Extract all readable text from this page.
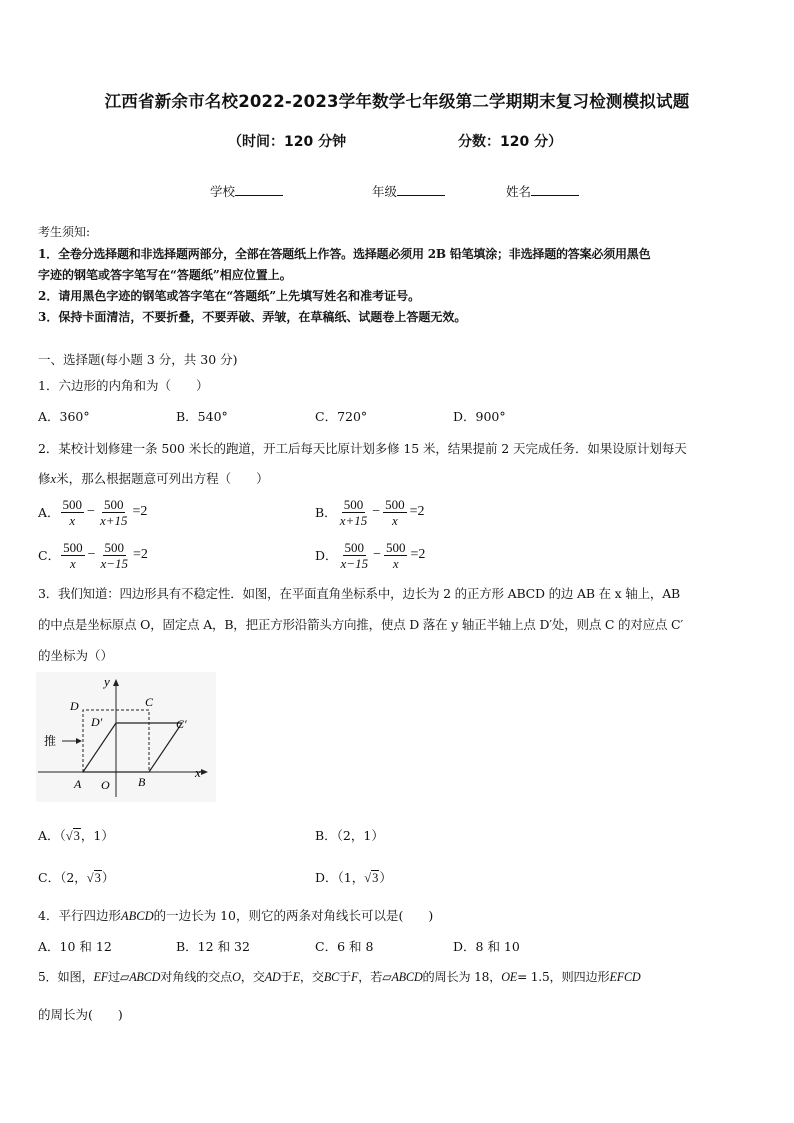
江西省新余市名校2022-2023学年数学七年级第二学期期末复习检测模拟试题
（时间：120 分钟	分数：120 分）
学校	年级	姓名
考生须知:
1．全卷分选择题和非选择题两部分，全部在答题纸上作答。选择题必须用 2B 铅笔填涂；非选择题的答案必须用黑色
字迹的钢笔或答字笔写在“答题纸”相应位置上。
2．请用黑色字迹的钢笔或答字笔在“答题纸”上先填写姓名和准考证号。
3．保持卡面清洁，不要折叠，不要弄破、弄皱，在草稿纸、试题卷上答题无效。
一、选择题(每小题 3 分，共 30 分)
1．六边形的内角和为（　　）
A．360°	B．540°	C．720°	D．900°
2．某校计划修建一条 500 米长的跑道，开工后每天比原计划多修 15 米，结果提前 2 天完成任务．如果设原计划每天
修x米，那么根据题意可列出方程（　　）
A． $\frac{500}{x} - \frac{500}{x+15} =2$	B． $\frac{500}{x+15} - \frac{500}{x} =2$
C． $\frac{500}{x} - \frac{500}{x-15} =2$	D． $\frac{500}{x-15} - \frac{500}{x} =2$
3．我们知道：四边形具有不稳定性．如图，在平面直角坐标系中，边长为 2 的正方形 ABCD 的边 AB 在 x 轴上，AB
的中点是坐标原点 O，固定点 A，B，把正方形沿箭头方向推，使点 D 落在 y 轴正半轴上点 D′处，则点 C 的对应点 C′
的坐标为（）
y
x
D	C
D′	C′
推
A O B
A．（√3，1）	B．（2，1）
C．（2，√3）	D．（1，√3）
4．平行四边形ABCD的一边长为 10，则它的两条对角线长可以是(　　)
A．10 和 12	B．12 和 32	C．6 和 8	D．8 和 10
5．如图，EF过▱ABCD对角线的交点O，交AD于E，交BC于F，若▱ABCD的周长为 18，OE= 1.5，则四边形EFCD
的周长为(　　)
